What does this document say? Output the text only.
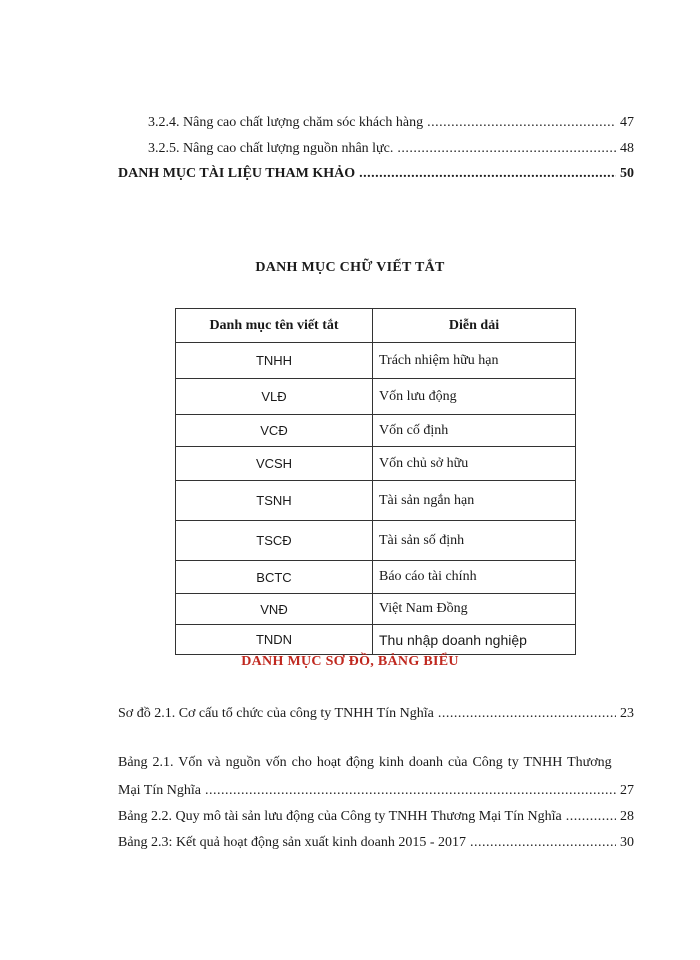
3.2.4. Nâng cao chất lượng chăm sóc khách hàng .....	47
3.2.5. Nâng cao chất lượng nguồn nhân lực. .....	48
DANH MỤC TÀI LIỆU THAM KHẢO .....	50
DANH MỤC CHỮ VIẾT TẮT
Danh mục tên viết tắt	Diễn dải
TNHH	Trách nhiệm hữu hạn
VLĐ	Vốn lưu động
VCĐ	Vốn cố định
VCSH	Vốn chủ sở hữu
TSNH	Tài sản ngắn hạn
TSCĐ	Tài sản số định
BCTC	Báo cáo tài chính
VNĐ	Việt Nam Đồng
TNDN	Thu nhập doanh nghiệp
DANH MỤC SƠ ĐỒ, BẢNG BIỂU
Sơ đồ 2.1. Cơ cấu tổ chức của công ty TNHH Tín Nghĩa .....	23
Bảng 2.1. Vốn và nguồn vốn cho hoạt động kinh doanh của Công ty TNHH Thương
Mại Tín Nghĩa .....	27
Bảng 2.2. Quy mô tài sản lưu động của Công ty TNHH Thương Mại Tín Nghĩa .....	28
Bảng 2.3: Kết quả hoạt động sản xuất kinh doanh 2015 - 2017 .....	30
